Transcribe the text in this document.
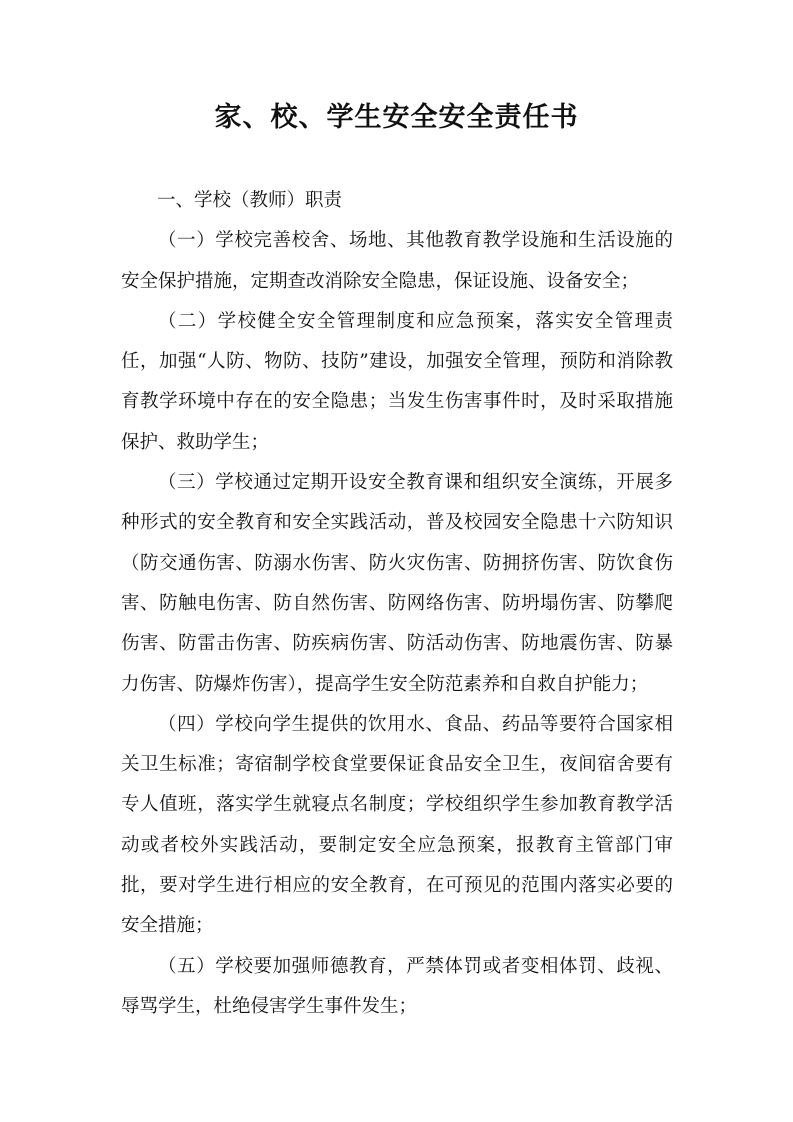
家、校、学生安全安全责任书

一、学校（教师）职责

（一）学校完善校舍、场地、其他教育教学设施和生活设施的安全保护措施，定期查改消除安全隐患，保证设施、设备安全；

（二）学校健全安全管理制度和应急预案，落实安全管理责任，加强“人防、物防、技防”建设，加强安全管理，预防和消除教育教学环境中存在的安全隐患；当发生伤害事件时，及时采取措施保护、救助学生；

（三）学校通过定期开设安全教育课和组织安全演练，开展多种形式的安全教育和安全实践活动，普及校园安全隐患十六防知识（防交通伤害、防溺水伤害、防火灾伤害、防拥挤伤害、防饮食伤害、防触电伤害、防自然伤害、防网络伤害、防坍塌伤害、防攀爬伤害、防雷击伤害、防疾病伤害、防活动伤害、防地震伤害、防暴力伤害、防爆炸伤害），提高学生安全防范素养和自救自护能力；

（四）学校向学生提供的饮用水、食品、药品等要符合国家相关卫生标准；寄宿制学校食堂要保证食品安全卫生，夜间宿舍要有专人值班，落实学生就寝点名制度；学校组织学生参加教育教学活动或者校外实践活动，要制定安全应急预案，报教育主管部门审批，要对学生进行相应的安全教育，在可预见的范围内落实必要的安全措施；

（五）学校要加强师德教育，严禁体罚或者变相体罚、歧视、辱骂学生，杜绝侵害学生事件发生；
